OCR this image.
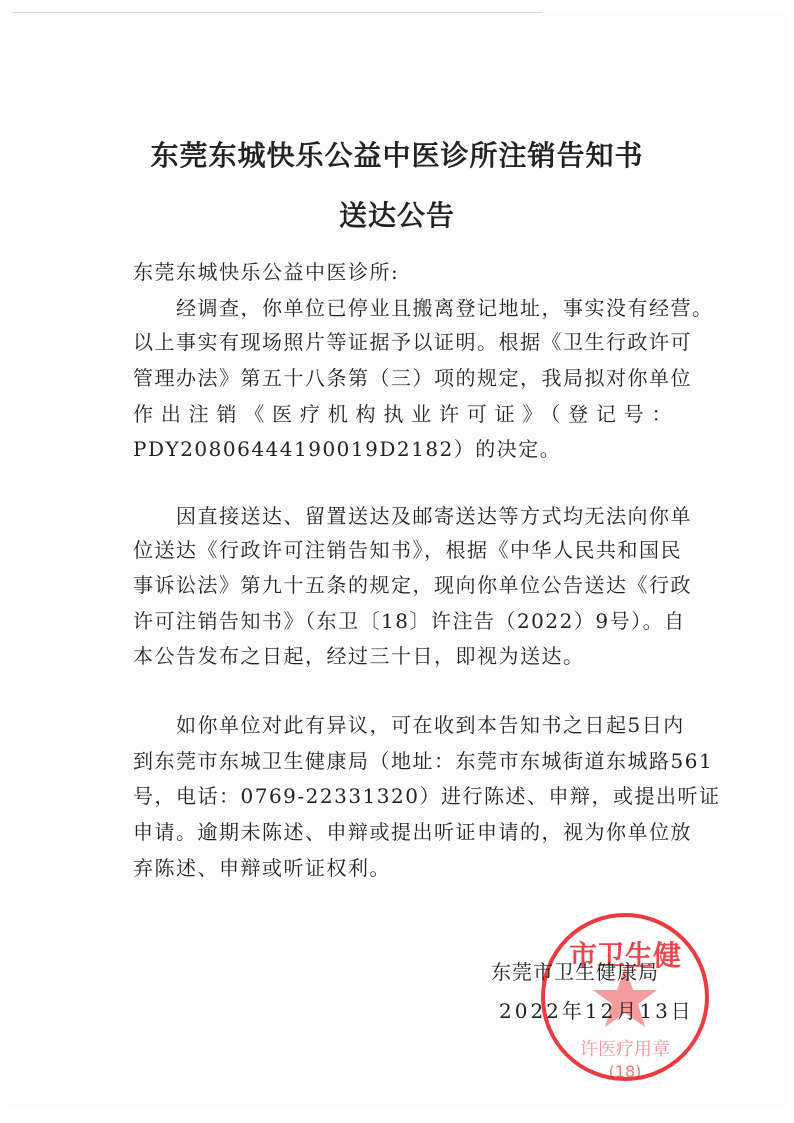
东莞东城快乐公益中医诊所注销告知书
送达公告
东莞东城快乐公益中医诊所:
　　经调查，你单位已停业且搬离登记地址，事实没有经营。
以上事实有现场照片等证据予以证明。根据《卫生行政许可
管理办法》第五十八条第（三）项的规定，我局拟对你单位
作出注销《医疗机构执业许可证》（登记号：
PDY20806444190019D2182）的决定。
　　因直接送达、留置送达及邮寄送达等方式均无法向你单
位送达《行政许可注销告知书》，根据《中华人民共和国民
事诉讼法》第九十五条的规定，现向你单位公告送达《行政
许可注销告知书》（东卫〔18〕许注告（2022）9号）。自
本公告发布之日起，经过三十日，即视为送达。
　　如你单位对此有异议，可在收到本告知书之日起5日内
到东莞市东城卫生健康局（地址：东莞市东城街道东城路561
号，电话：0769-22331320）进行陈述、申辩，或提出听证
申请。逾期未陈述、申辩或提出听证申请的，视为你单位放
弃陈述、申辩或听证权利。
市卫生健
许医疗用章
(18)
东莞市卫生健康局
2022年12月13日
